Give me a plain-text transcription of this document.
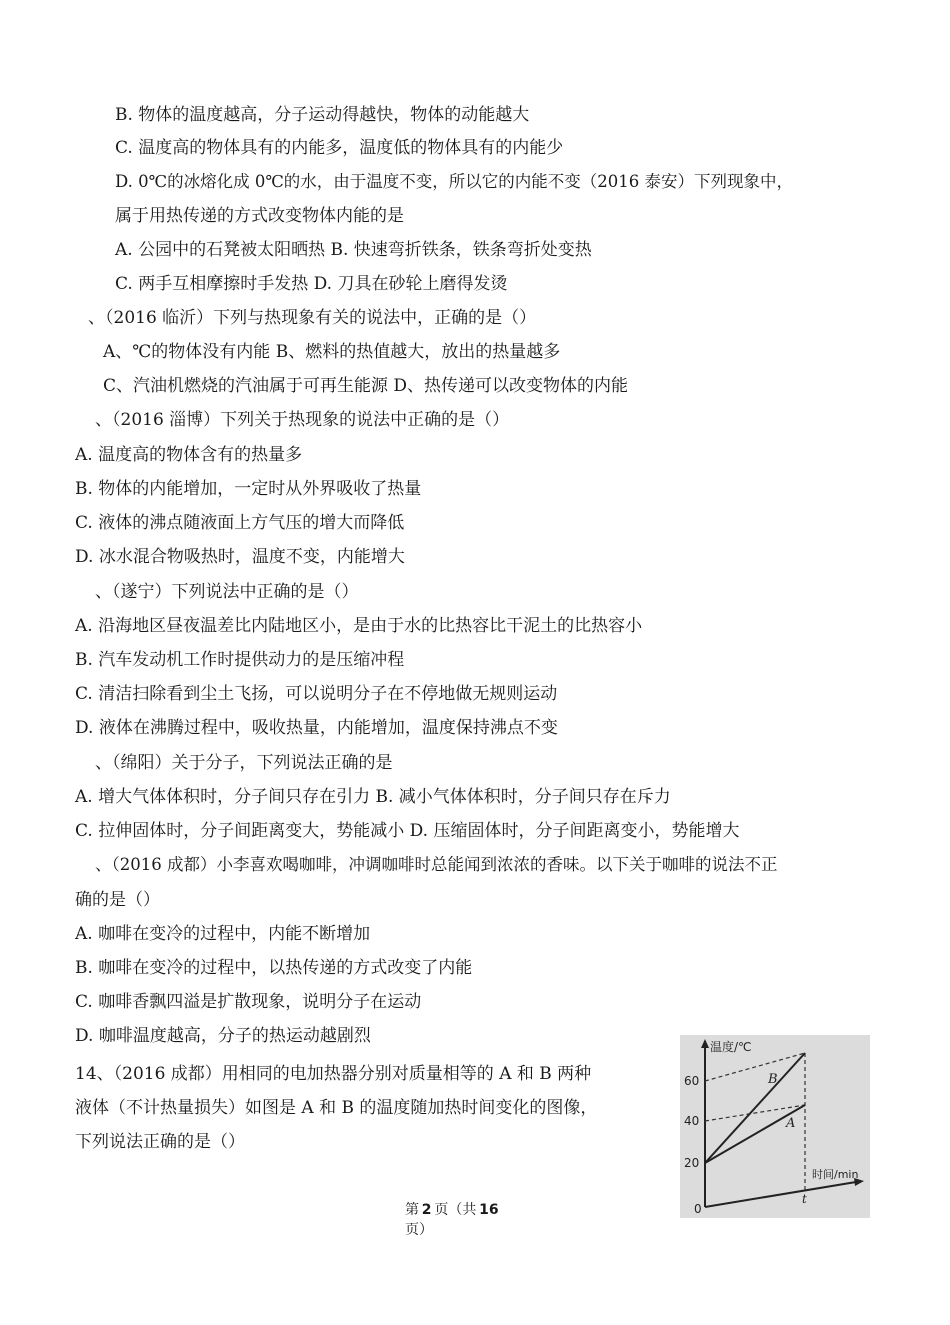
B. 物体的温度越高，分子运动得越快，物体的动能越大
C. 温度高的物体具有的内能多，温度低的物体具有的内能少
D. 0℃的冰熔化成 0℃的水，由于温度不变，所以它的内能不变（2016 泰安）下列现象中，
属于用热传递的方式改变物体内能的是
A. 公园中的石凳被太阳晒热 B. 快速弯折铁条，铁条弯折处变热
C. 两手互相摩擦时手发热 D. 刀具在砂轮上磨得发烫
、（2016 临沂）下列与热现象有关的说法中，正确的是（）
A、℃的物体没有内能 B、燃料的热值越大，放出的热量越多
C、汽油机燃烧的汽油属于可再生能源 D、热传递可以改变物体的内能
、（2016 淄博）下列关于热现象的说法中正确的是（）
A. 温度高的物体含有的热量多
B. 物体的内能增加，一定时从外界吸收了热量
C. 液体的沸点随液面上方气压的增大而降低
D. 冰水混合物吸热时，温度不变，内能增大
、（遂宁）下列说法中正确的是（）
A. 沿海地区昼夜温差比内陆地区小，是由于水的比热容比干泥土的比热容小
B. 汽车发动机工作时提供动力的是压缩冲程
C. 清洁扫除看到尘土飞扬，可以说明分子在不停地做无规则运动
D. 液体在沸腾过程中，吸收热量，内能增加，温度保持沸点不变
、（绵阳）关于分子，下列说法正确的是
A. 增大气体体积时，分子间只存在引力 B. 减小气体体积时，分子间只存在斥力
C. 拉伸固体时，分子间距离变大，势能减小 D. 压缩固体时，分子间距离变小，势能增大
、（2016 成都）小李喜欢喝咖啡，冲调咖啡时总能闻到浓浓的香味。以下关于咖啡的说法不正
确的是（）
A. 咖啡在变冷的过程中，内能不断增加
B. 咖啡在变冷的过程中，以热传递的方式改变了内能
C. 咖啡香飘四溢是扩散现象，说明分子在运动
D. 咖啡温度越高，分子的热运动越剧烈
14、（2016 成都）用相同的电加热器分别对质量相等的 A 和 B 两种
液体（不计热量损失）如图是 A 和 B 的温度随加热时间变化的图像，
下列说法正确的是（）
温度/℃
60
40
20
0
B
A
时间/min
t
第  2  页（共  16
页）
